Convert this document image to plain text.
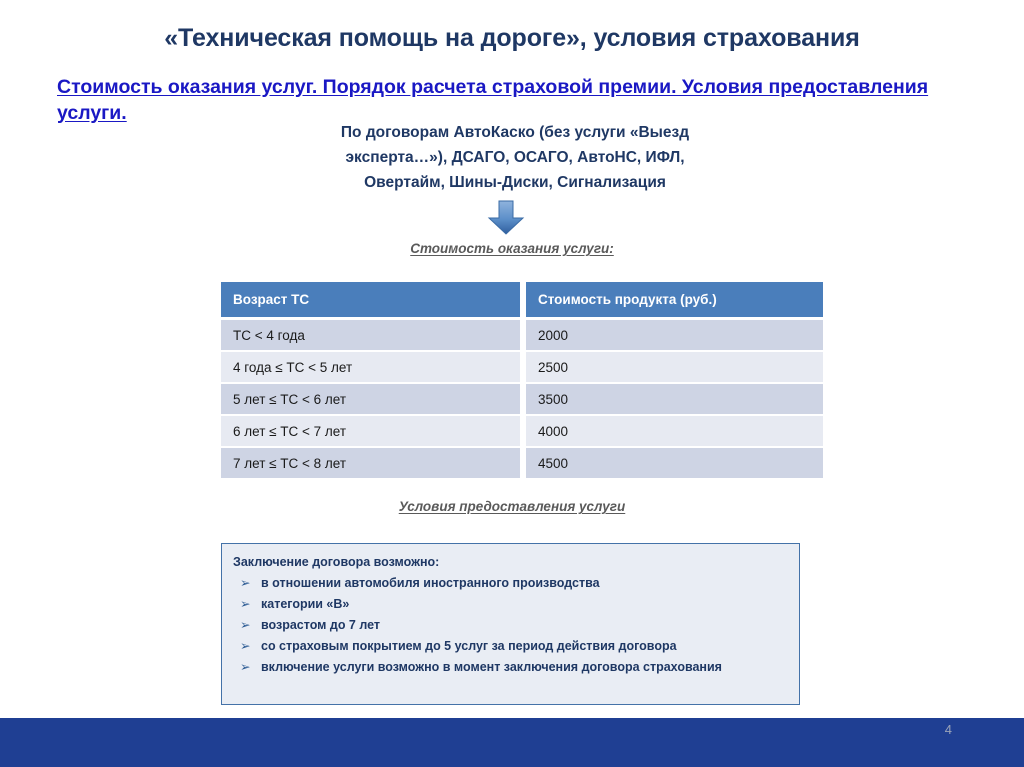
«Техническая помощь на дороге», условия страхования
Стоимость оказания услуг. Порядок расчета страховой премии. Условия предоставления услуги.
По договорам АвтоКаско (без услуги «Выезд
эксперта…»), ДСАГО, ОСАГО, АвтоНС, ИФЛ,
Овертайм, Шины-Диски, Сигнализация
Стоимость оказания услуги:
Возраст ТС	Стоимость продукта (руб.)
ТС < 4 года	2000
4 года ≤ ТС < 5 лет	2500
5 лет ≤ ТС < 6 лет	3500
6 лет ≤ ТС < 7 лет	4000
7 лет ≤ ТС < 8 лет	4500
Условия предоставления услуги
Заключение договора возможно:
➢ в отношении автомобиля иностранного производства
➢ категории «В»
➢ возрастом до 7 лет
➢ со страховым покрытием до 5 услуг за период действия договора
➢ включение услуги возможно в момент заключения договора страхования
4
